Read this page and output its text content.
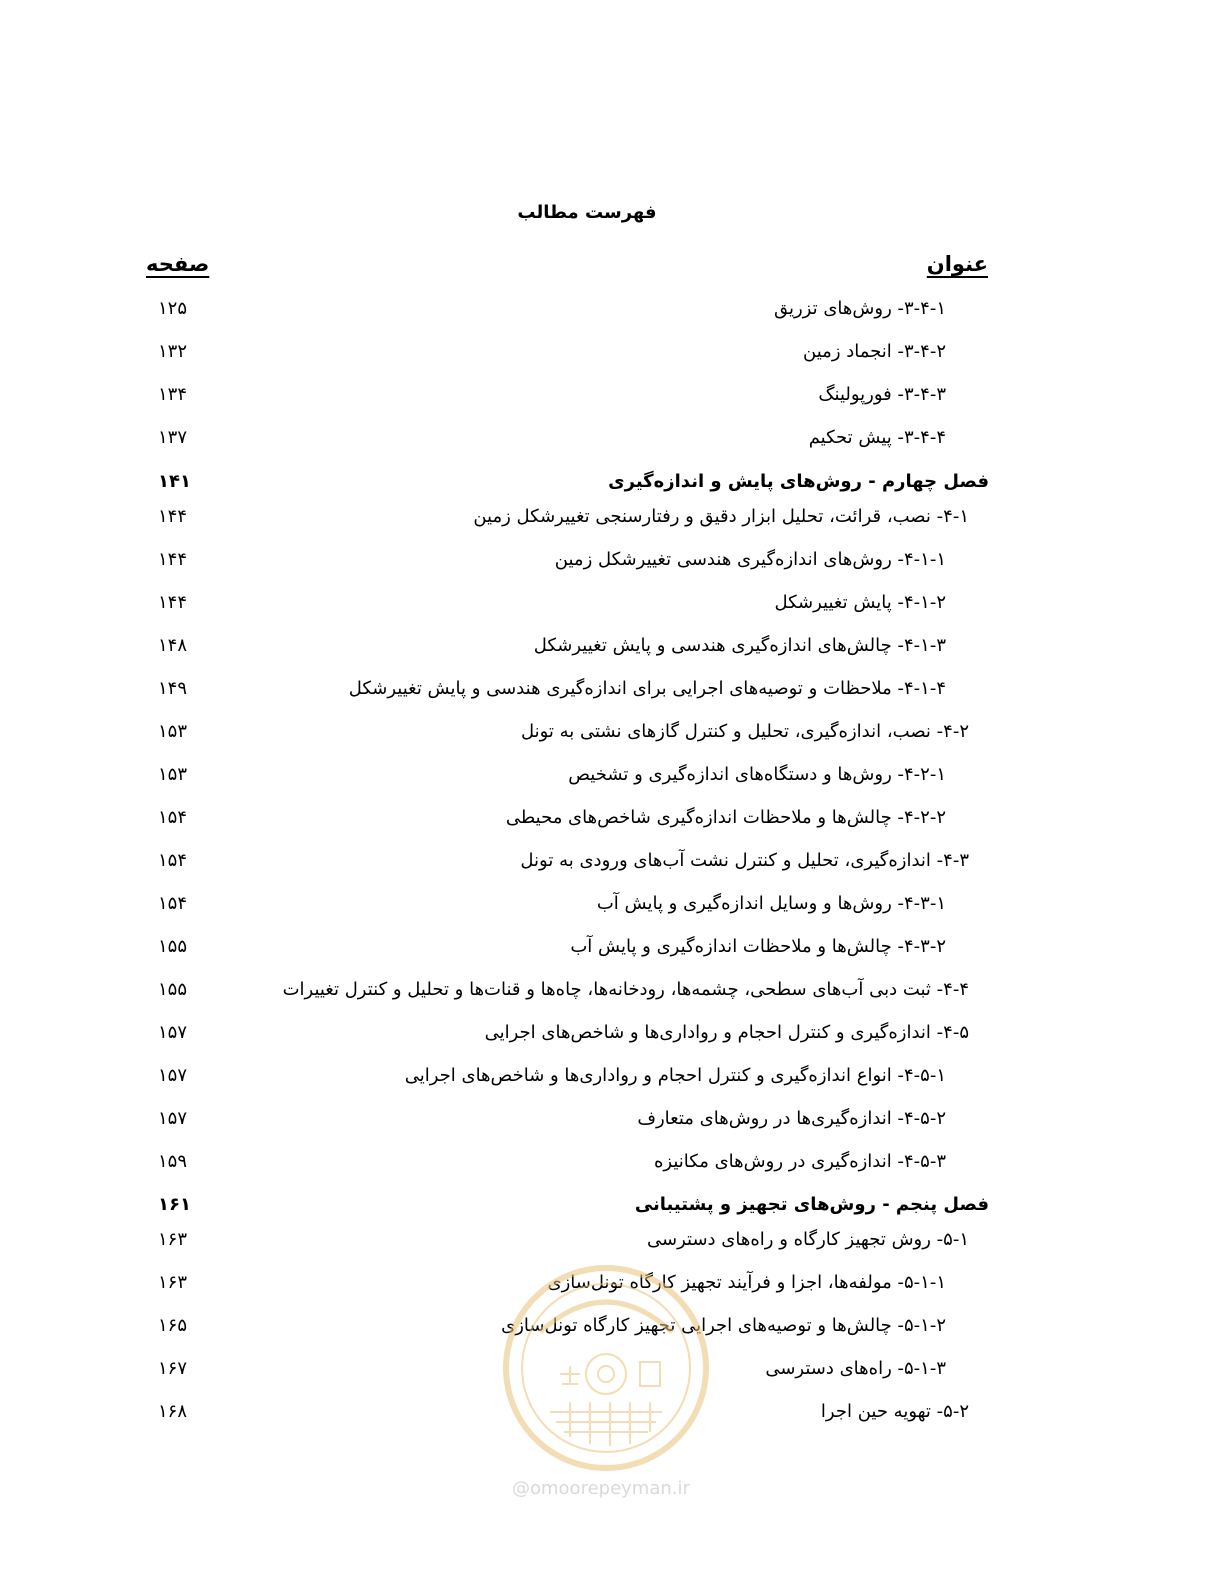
فهرست مطالب
عنوان
صفحه
۳-۴-۱- روش‌های تزریق
۱۲۵
۳-۴-۲- انجماد زمین
۱۳۲
۳-۴-۳- فورپولینگ
۱۳۴
۳-۴-۴- پیش تحکیم
۱۳۷
فصل چهارم - روش‌های پایش و اندازه‌گیری
۱۴۱
۴-۱- نصب، قرائت، تحلیل ابزار دقیق و رفتارسنجی تغییرشکل زمین
۱۴۴
۴-۱-۱- روش‌های اندازه‌گیری هندسی تغییرشکل زمین
۱۴۴
۴-۱-۲- پایش تغییرشکل
۱۴۴
۴-۱-۳- چالش‌های اندازه‌گیری هندسی و پایش تغییرشکل
۱۴۸
۴-۱-۴- ملاحظات و توصیه‌های اجرایی برای اندازه‌گیری هندسی و پایش تغییرشکل
۱۴۹
۴-۲- نصب، اندازه‌گیری، تحلیل و کنترل گازهای نشتی به تونل
۱۵۳
۴-۲-۱- روش‌ها و دستگاه‌های اندازه‌گیری و تشخیص
۱۵۳
۴-۲-۲- چالش‌ها و ملاحظات اندازه‌گیری شاخص‌های محیطی
۱۵۴
۴-۳- اندازه‌گیری، تحلیل و کنترل نشت آب‌های ورودی به تونل
۱۵۴
۴-۳-۱- روش‌ها و وسایل اندازه‌گیری و پایش آب
۱۵۴
۴-۳-۲- چالش‌ها و ملاحظات اندازه‌گیری و پایش آب
۱۵۵
۴-۴- ثبت دبی آب‌های سطحی، چشمه‌ها، رودخانه‌ها، چاه‌ها و قنات‌ها و تحلیل و کنترل تغییرات
۱۵۵
۴-۵- اندازه‌گیری و کنترل احجام و رواداری‌ها و شاخص‌های اجرایی
۱۵۷
۴-۵-۱- انواع اندازه‌گیری و کنترل احجام و رواداری‌ها و شاخص‌های اجرایی
۱۵۷
۴-۵-۲- اندازه‌گیری‌ها در روش‌های متعارف
۱۵۷
۴-۵-۳- اندازه‌گیری در روش‌های مکانیزه
۱۵۹
فصل پنجم - روش‌های تجهیز و پشتیبانی
۱۶۱
۵-۱- روش تجهیز کارگاه و راه‌های دسترسی
۱۶۳
۵-۱-۱- مولفه‌ها، اجزا و فرآیند تجهیز کارگاه تونل‌سازی
۱۶۳
۵-۱-۲- چالش‌ها و توصیه‌های اجرایی تجهیز کارگاه تونل‌سازی
۱۶۵
۵-۱-۳- راه‌های دسترسی
۱۶۷
۵-۲- تهویه حین اجرا
۱۶۸
@omoorepeyman.ir
